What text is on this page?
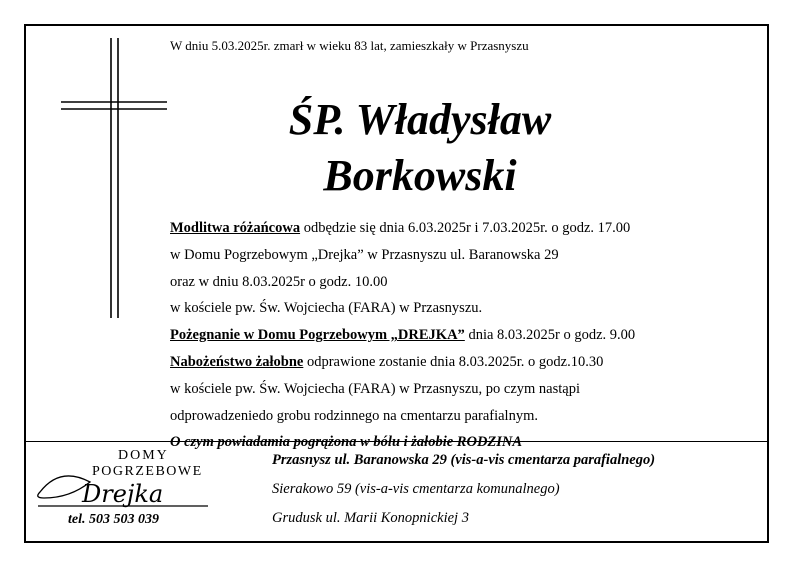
W dniu 5.03.2025r. zmarł w wieku 83 lat, zamieszkały w Przasnyszu
ŚP. Władysław
Borkowski
Modlitwa różańcowa odbędzie się dnia 6.03.2025r i 7.03.2025r. o godz. 17.00
w Domu Pogrzebowym „Drejka” w Przasnyszu ul. Baranowska 29
oraz w dniu 8.03.2025r o godz. 10.00
w kościele pw. Św. Wojciecha (FARA) w Przasnyszu.
Pożegnanie w Domu Pogrzebowym „DREJKA” dnia 8.03.2025r o godz. 9.00
Nabożeństwo żałobne odprawione zostanie dnia 8.03.2025r. o godz.10.30
w kościele pw. Św. Wojciecha (FARA) w Przasnyszu, po czym nastąpi
odprowadzeniedo grobu rodzinnego na cmentarzu parafialnym.
O czym powiadamia pogrążona w bólu i żałobie RODZINA
DOMY
POGRZEBOWE
Drejka
tel. 503 503 039
Przasnysz ul. Baranowska 29 (vis-a-vis cmentarza parafialnego)
Sierakowo 59 (vis-a-vis cmentarza komunalnego)
Grudusk ul. Marii Konopnickiej 3
